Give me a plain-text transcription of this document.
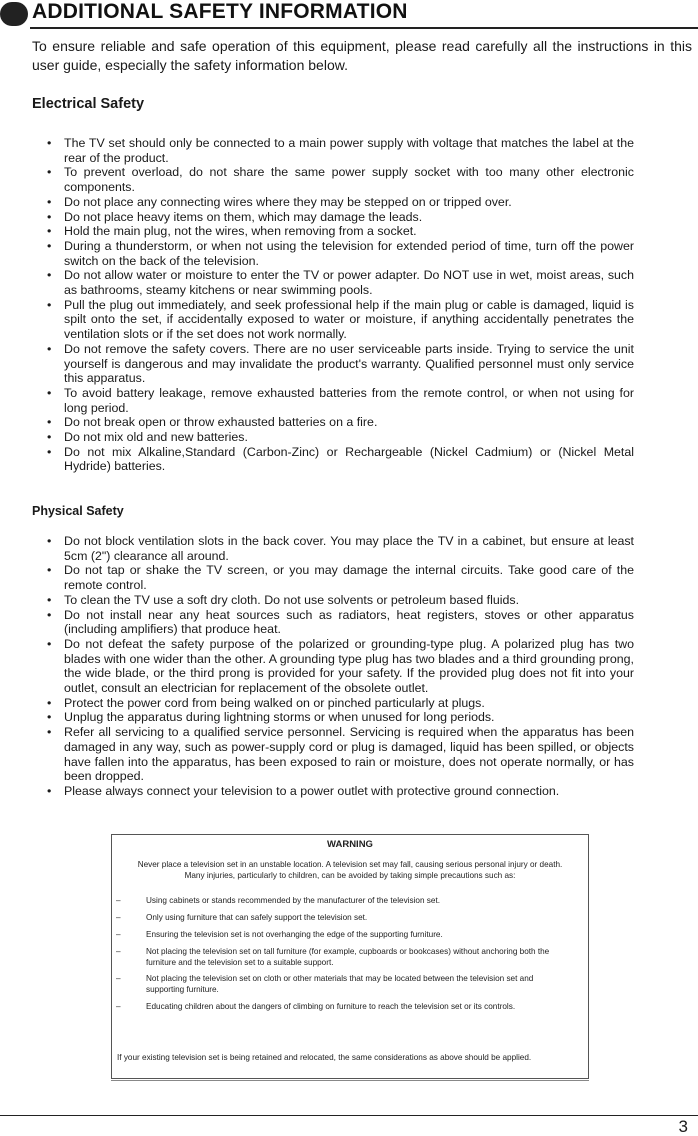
ADDITIONAL SAFETY INFORMATION

To ensure reliable and safe operation of this equipment, please read carefully all the instructions in this user guide, especially the safety information below.

Electrical Safety
• The TV set should only be connected to a main power supply with voltage that matches the label at the rear of the product.
• To prevent overload, do not share the same power supply socket with too many other electronic components.
• Do not place any connecting wires where they may be stepped on or tripped over.
• Do not place heavy items on them, which may damage the leads.
• Hold the main plug, not the wires, when removing from a socket.
• During a thunderstorm, or when not using the television for extended period of time, turn off the power switch on the back of the television.
• Do not allow water or moisture to enter the TV or power adapter. Do NOT use in wet, moist areas, such as bathrooms, steamy kitchens or near swimming pools.
• Pull the plug out immediately, and seek professional help if the main plug or cable is damaged, liquid is spilt onto the set, if accidentally exposed to water or moisture, if anything accidentally penetrates the ventilation slots or if the set does not work normally.
• Do not remove the safety covers. There are no user serviceable parts inside. Trying to service the unit yourself is dangerous and may invalidate the product's warranty. Qualified personnel must only service this apparatus.
• To avoid battery leakage, remove exhausted batteries from the remote control, or when not using for long period.
• Do not break open or throw exhausted batteries on a fire.
• Do not mix old and new batteries.
• Do not mix Alkaline,Standard (Carbon-Zinc) or Rechargeable (Nickel Cadmium) or (Nickel Metal Hydride) batteries.
Physical Safety
• Do not block ventilation slots in the back cover. You may place the TV in a cabinet, but ensure at least 5cm (2") clearance all around.
• Do not tap or shake the TV screen, or you may damage the internal circuits. Take good care of the remote control.
• To clean the TV use a soft dry cloth. Do not use solvents or petroleum based fluids.
• Do not install near any heat sources such as radiators, heat registers, stoves or other apparatus (including amplifiers) that produce heat.
• Do not defeat the safety purpose of the polarized or grounding-type plug. A polarized plug has two blades with one wider than the other. A grounding type plug has two blades and a third grounding prong, the wide blade, or the third prong is provided for your safety. If the provided plug does not fit into your outlet, consult an electrician for replacement of the obsolete outlet.
• Protect the power cord from being walked on or pinched particularly at plugs.
• Unplug the apparatus during lightning storms or when unused for long periods.
• Refer all servicing to a qualified service personnel. Servicing is required when the apparatus has been damaged in any way, such as power-supply cord or plug is damaged, liquid has been spilled, or objects have fallen into the apparatus, has been exposed to rain or moisture, does not operate normally, or has been dropped.
• Please always connect your television to a power outlet with protective ground connection.
WARNING
Never place a television set in an unstable location. A television set may fall, causing serious personal injury or death. Many injuries, particularly to children, can be avoided by taking simple precautions such as:
– Using cabinets or stands recommended by the manufacturer of the television set.
– Only using furniture that can safely support the television set.
– Ensuring the television set is not overhanging the edge of the supporting furniture.
– Not placing the television set on tall furniture (for example, cupboards or bookcases) without anchoring both the furniture and the television set to a suitable support.
– Not placing the television set on cloth or other materials that may be located between the television set and supporting furniture.
– Educating children about the dangers of climbing on furniture to reach the television set or its controls.
If your existing television set is being retained and relocated, the same considerations as above should be applied.
3
